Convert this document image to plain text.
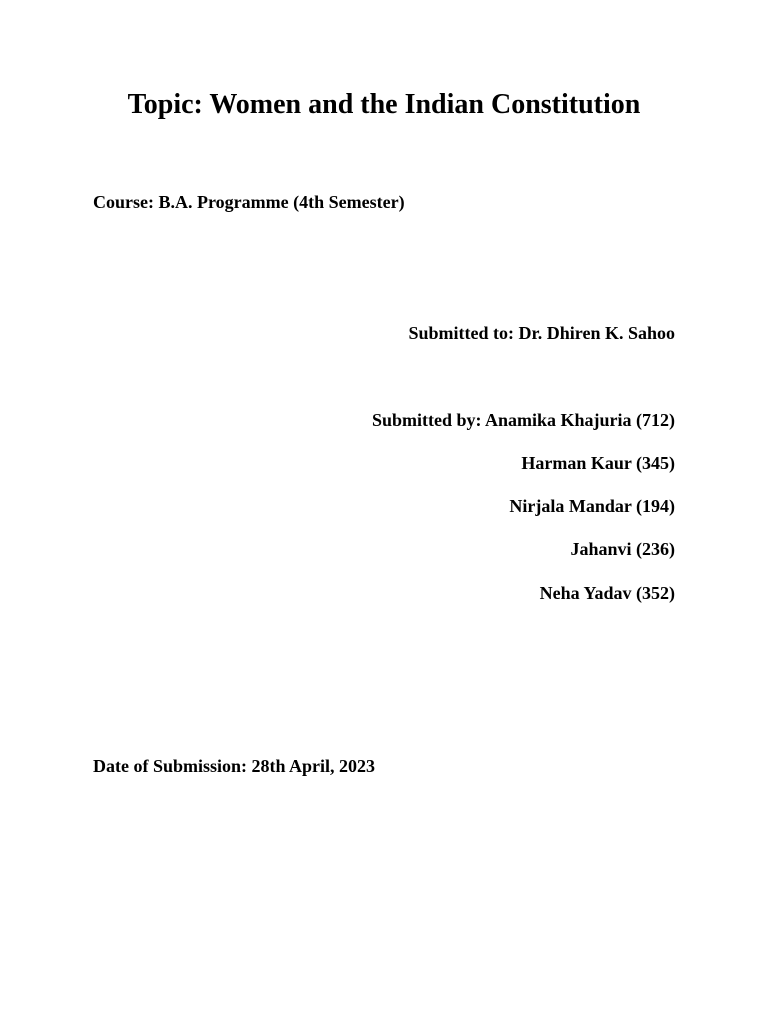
Topic: Women and the Indian Constitution

Course: B.A. Programme (4th Semester)

Submitted to: Dr. Dhiren K. Sahoo

Submitted by: Anamika Khajuria (712)

Harman Kaur (345)

Nirjala Mandar (194)

Jahanvi (236)

Neha Yadav (352)

Date of Submission: 28th April, 2023
